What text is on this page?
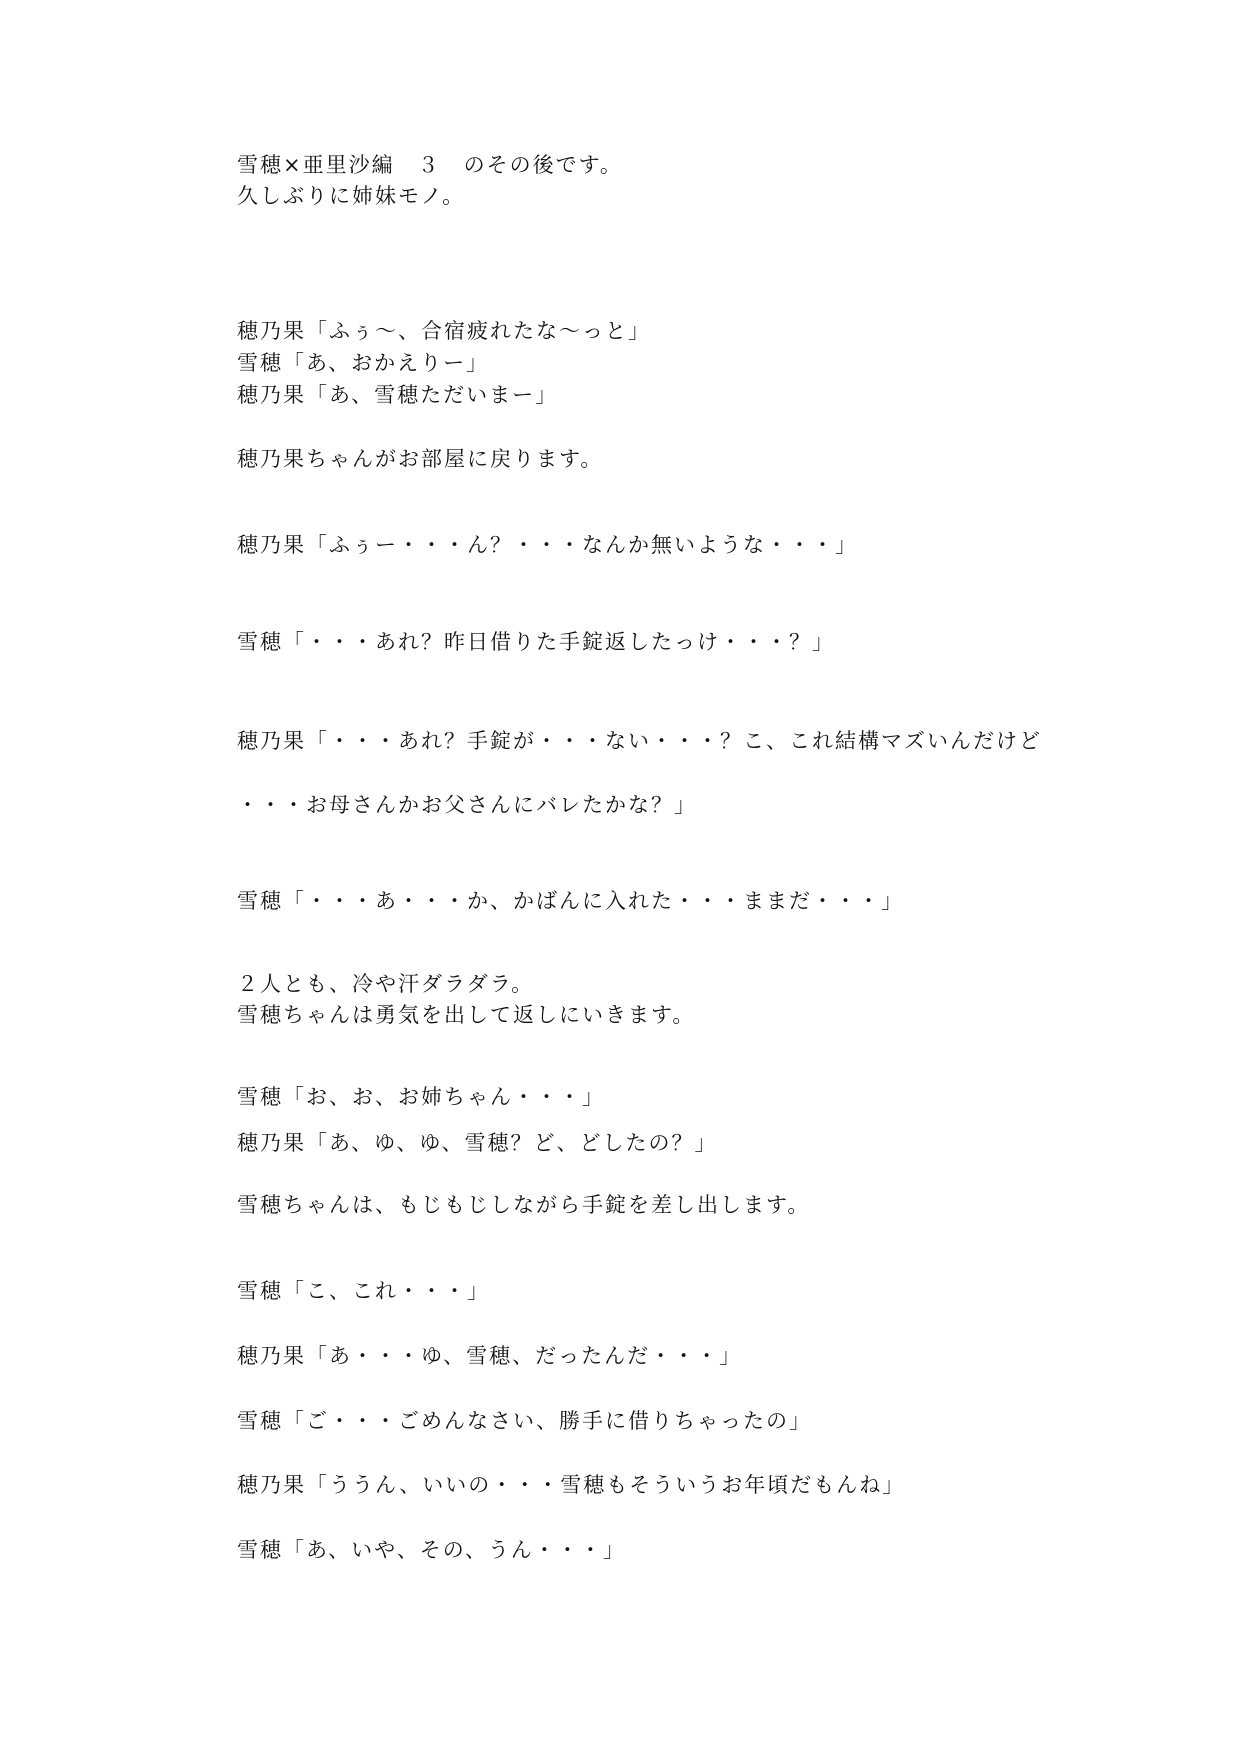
雪穂×亜里沙編　３　のその後です。

久しぶりに姉妹モノ。

穂乃果「ふぅ～、合宿疲れたな～っと」

雪穂「あ、おかえりー」

穂乃果「あ、雪穂ただいまー」

穂乃果ちゃんがお部屋に戻ります。

穂乃果「ふぅー・・・ん？・・・なんか無いような・・・」

雪穂「・・・あれ？昨日借りた手錠返したっけ・・・？」

穂乃果「・・・あれ？手錠が・・・ない・・・？こ、これ結構マズいんだけど

・・・お母さんかお父さんにバレたかな？」

雪穂「・・・あ・・・か、かばんに入れた・・・ままだ・・・」

２人とも、冷や汗ダラダラ。

雪穂ちゃんは勇気を出して返しにいきます。

雪穂「お、お、お姉ちゃん・・・」

穂乃果「あ、ゆ、ゆ、雪穂？ど、どしたの？」

雪穂ちゃんは、もじもじしながら手錠を差し出します。

雪穂「こ、これ・・・」

穂乃果「あ・・・ゆ、雪穂、だったんだ・・・」

雪穂「ご・・・ごめんなさい、勝手に借りちゃったの」

穂乃果「ううん、いいの・・・雪穂もそういうお年頃だもんね」

雪穂「あ、いや、その、うん・・・」
